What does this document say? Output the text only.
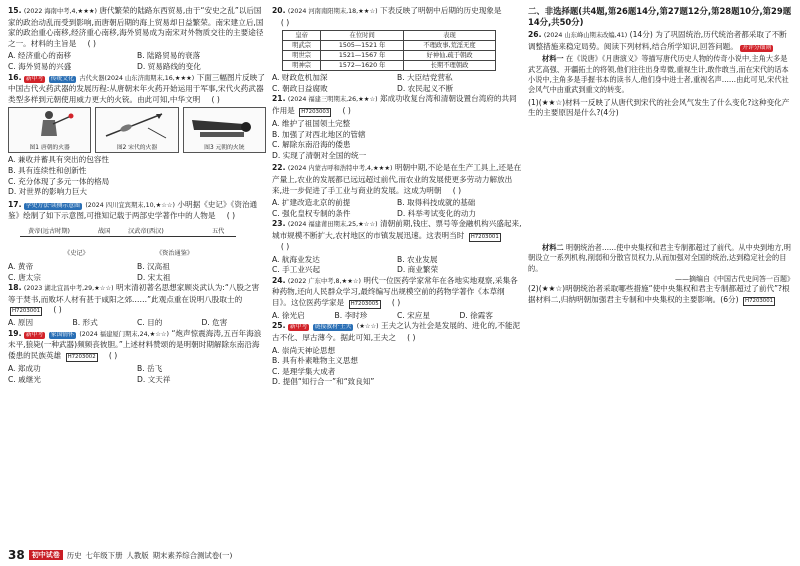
15. (2022 海南中考,4,★★★) 唐代繁荣的陆路东西贸易,由于“安史之乱”以后国家的政治动乱而受到影响,而唐朝后期的海上贸易却日益繁荣。南宋建立后,国家的政治重心南移,经济重心南移,海外贸易成为南宋对外物质交往的主要途径之一。材料的主旨是 ( )
A. 经济重心的南移	B. 陆路贸易的衰落
C. 海外贸易的兴盛	D. 贸易路线的变化
16. 新中考 传统文化 古代火器(2024 山东济南期末,16,★★★) 下面三幅图片反映了中国古代火药武器的发展历程:从唐朝末年火药开始运用于军事,宋代火药武器类型多样到元朝使用威力更大的火铳。由此可知,中华文明 ( )
图1 唐朝的火器	图2 宋代的火器	图3 元朝的火铳
A. 兼收并蓄具有突出的包容性
B. 具有连续性和创新性
C. 充分体现了多元一体的格局
D. 对世界的影响力巨大
17. 学史方法·读侧示意图 (2024 四川宜宾期末,10,★☆☆) 小明据《史记》《资治通鉴》绘制了如下示意图,可推知记载于两部史学著作中的人物是 ( )
黄帝(远古时期)	战国	汉武帝(西汉)	五代
《史记》	《资治通鉴》
A. 黄帝	B. 汉高祖
C. 唐太宗	D. 宋太祖
18. (2023 湖北宜昌中考,29,★☆☆) 明末清初著名思想家顾炎武认为:“八股之害等于焚书,而败坏人材有甚于咸阳之郊……”此观点重在说明八股取士的 H7203001 ( )
A. 原因	B. 形式	C. 目的	D. 危害
19. 新中考 家国情怀 (2024 福建厦门期末,24,★☆☆) “炮声惊震海涛,五百年海浪未平,狼毙(一种武器)频频丧彼胆。”上述材料赞颂的是明朝时期解除东南沿海倭患的民族英雄 H7203002 ( )
A. 郑成功	B. 岳飞
C. 戚继光	D. 文天祥
20. (2024 河南南阳期末,18,★★☆) 下表反映了明朝中后期的历史现象是 ( )
皇帝	在位时间	表现
明武宗	1505—1521 年	不理政事,荒淫无度
明世宗	1521—1567 年	好神仙,疏于朝政
明神宗	1572—1620 年	长期不理朝政
A. 财政危机加深	B. 大臣结党营私
C. 朝政日益腐败	D. 农民起义不断
21. (2024 福建三明期末,26,★★☆) 郑成功收复台湾和清朝设置台湾府的共同作用是 H7203003 ( )
A. 维护了祖国领土完整
B. 加强了对西北地区的管辖
C. 解除东南沿海的倭患
D. 实现了清朝对全国的统一
22. (2024 内蒙古呼和浩特中考,4,★★★) 明朝中期,不论是在生产工具上,还是在产量上,农业的发展都已远远超过前代,而农业的发展使更多劳动力解放出来,进一步促进了手工业与商业的发展。这成为明朝 ( )
A. 扩建改造北京的前提	B. 取得科技成就的基础
C. 强化皇权专制的条件	D. 科举考试变化的动力
23. (2024 福建莆田期末,25,★☆☆) 清朝前期,钱庄、票号等金融机构兴盛起来,城市规模不断扩大,农村地区的市镇发展迅速。这表明当时 H7203001 ( )
A. 航海业发达	B. 农业发展
C. 手工业兴起	D. 商业繁荣
24. (2022 广东中考,8,★★☆) 明代一位医药学家常年在各地实地观察,采集各种药物,还向人民群众学习,最终编写出规模空前的药物学著作《本草纲目》。这位医药学家是 H7203005 ( )
A. 徐光启	B. 李时珍	C. 宋应星	D. 徐霞客
25. 新中考 链接教材·王夫 (★☆☆) 王夫之认为社会是发展的、进化的,不能泥古不化、厚古薄今。据此可知,王夫之 ( )
A. 崇尚天神论思想
B. 具有朴素唯物主义思想
C. 是理学集大成者
D. 提倡“知行合一”和“致良知”
二、非选择题(共4题,第26题14分,第27题12分,第28题10分,第29题14分,共50分)
26. (2024 山东峰山期末改编,41) (14分) 为了巩固统治,历代统治者都采取了不断调整措施来稳定局势。阅读下列材料,结合所学知识,回答问题。 开评分细则
材料一 在《说唐》《月唐演义》等描写唐代历史人物的传奇小说中,主角大多是武艺高强、开疆拓土的将领,他们往往出身卑微,重视生计,敢作敢当,而在宋代的话本小说中,主角多是手握书本的读书人,他们身中进士者,重视名声……由此可见,宋代社会风气中由重武到重文的转变。
(1)(★★☆)材料一反映了从唐代到宋代的社会风气发生了什么变化?这种变化产生的主要原因是什么?(4分)
材料二 明朝统治者……使中央集权和君主专制都超过了前代。从中央到地方,明朝设立一系列机构,削弱和分散官员权力,从而加强对全国的统治,达到稳定社会的目的。
——摘编自《中国古代史问答一百题》
(2)(★★☆)明朝统治者采取哪些措施“使中央集权和君主专制都超过了前代”?根据材料二,归纳明朝加强君主专制和中央集权的主要影响。(6分) H7203001
38	初中试卷 历史 七年级下册 人教版 期末素养综合测试卷(一)
